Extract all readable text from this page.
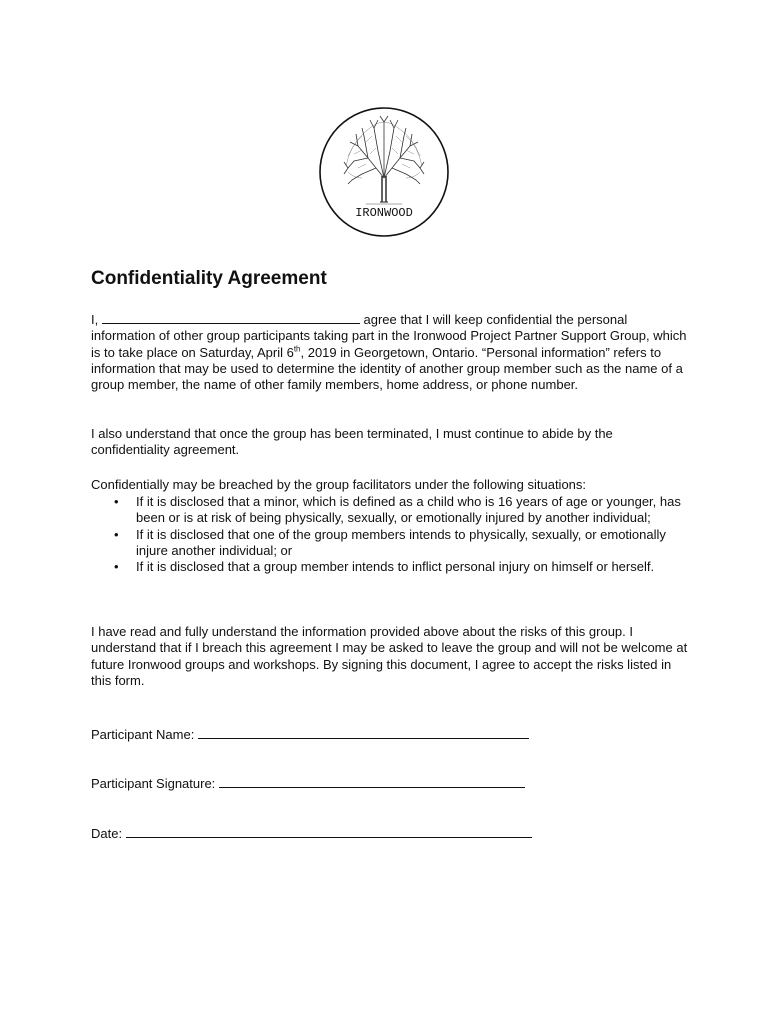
IRONWOOD
Confidentiality Agreement

I,	agree that I will keep confidential the personal information of other group participants taking part in the Ironwood Project Partner Support Group, which is to take place on Saturday, April 6th, 2019 in Georgetown, Ontario. “Personal information” refers to information that may be used to determine the identity of another group member such as the name of a group member, the name of other family members, home address, or phone number.

I also understand that once the group has been terminated, I must continue to abide by the confidentiality agreement.

Confidentially may be breached by the group facilitators under the following situations:

• If it is disclosed that a minor, which is defined as a child who is 16 years of age or younger, has been or is at risk of being physically, sexually, or emotionally injured by another individual;
• If it is disclosed that one of the group members intends to physically, sexually, or emotionally injure another individual; or
• If it is disclosed that a group member intends to inflict personal injury on himself or herself.

I have read and fully understand the information provided above about the risks of this group. I understand that if I breach this agreement I may be asked to leave the group and will not be welcome at future Ironwood groups and workshops. By signing this document, I agree to accept the risks listed in this form.

Participant Name:
Participant Signature:
Date:
